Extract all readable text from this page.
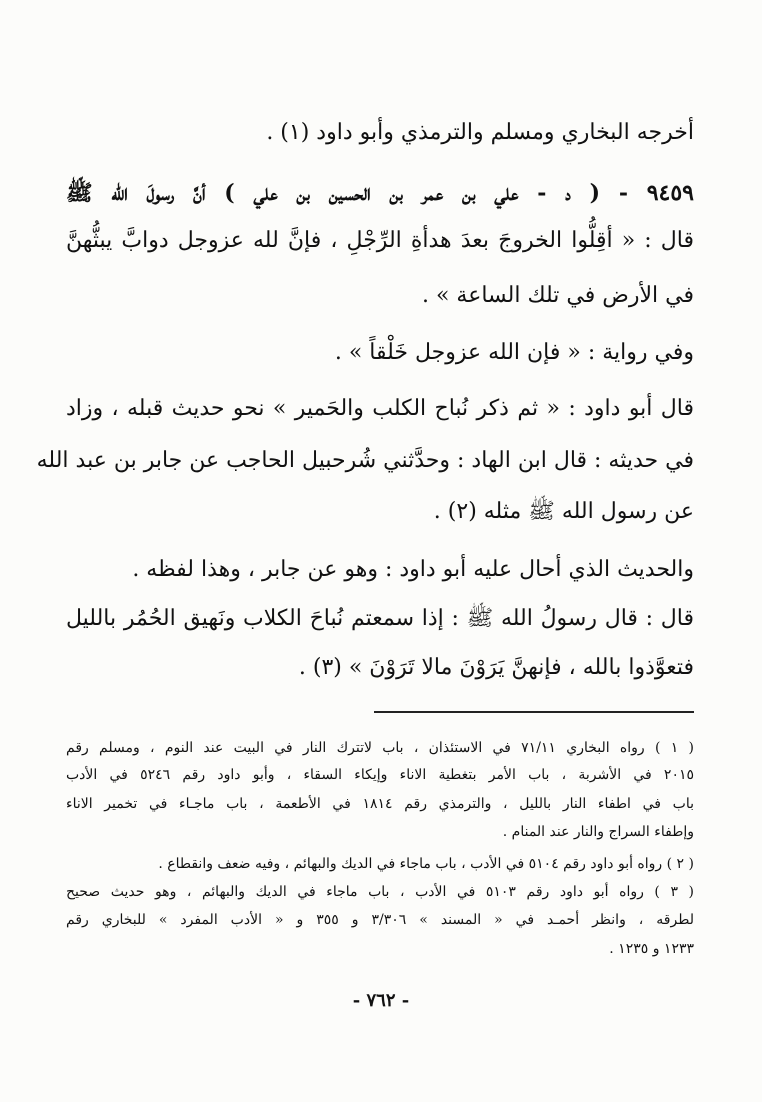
أخرجه البخاري ومسلم والترمذي وأبو داود (١) .
٩٤٥٩ - ( د - علي بن عمر بن الحسين بن علي ) أنَّ رسولَ الله ﷺ
قال : « أقِلُّوا الخروجَ بعدَ هدأةِ الرِّجْلِ ، فإنَّ لله عزوجل دوابَّ يبثُّهنَّ
في الأرض في تلك الساعة » .
وفي رواية : « فإن الله عزوجل خَلْقاً » .
قال أبو داود : « ثم ذكر نُباح الكلب والحَمير » نحو حديث قبله ، وزاد
في حديثه : قال ابن الهاد : وحدَّثني شُرحبيل الحاجب عن جابر بن عبد الله
عن رسول الله ﷺ مثله (٢) .
والحديث الذي أحال عليه أبو داود : وهو عن جابر ، وهذا لفظه .
قال : قال رسولُ الله ﷺ : إذا سمعتم نُباحَ الكلاب ونَهيق الحُمُر بالليل
فتعوَّذوا بالله ، فإنهنَّ يَرَوْنَ مالا تَرَوْنَ » (٣) .
( ١ ) رواه البخاري ٧١/١١ في الاستئذان ، باب لاتترك النار في البيت عند النوم ، ومسلم رقم
٢٠١٥ في الأشربة ، باب الأمر بتغطية الاناء وإيكاء السقاء ، وأبو داود رقم ٥٢٤٦ في الأدب
باب في اطفاء النار بالليل ، والترمذي رقم ١٨١٤ في الأطعمة ، باب ماجـاء في تخمير الاناء
وإطفاء السراج والنار عند المنام .
( ٢ ) رواه أبو داود رقم ٥١٠٤ في الأدب ، باب ماجاء في الديك والبهائم ، وفيه ضعف وانقطاع .
( ٣ ) رواه أبو داود رقم ٥١٠٣ في الأدب ، باب ماجاء في الديك والبهائم ، وهو حديث صحيح
لطرقه ، وانظر أحمـد في « المسند » ٣/٣٠٦ و ٣٥٥ و « الأدب المفرد » للبخاري رقم
١٢٣٣ و ١٢٣٥ .
- ٧٦٢ -
